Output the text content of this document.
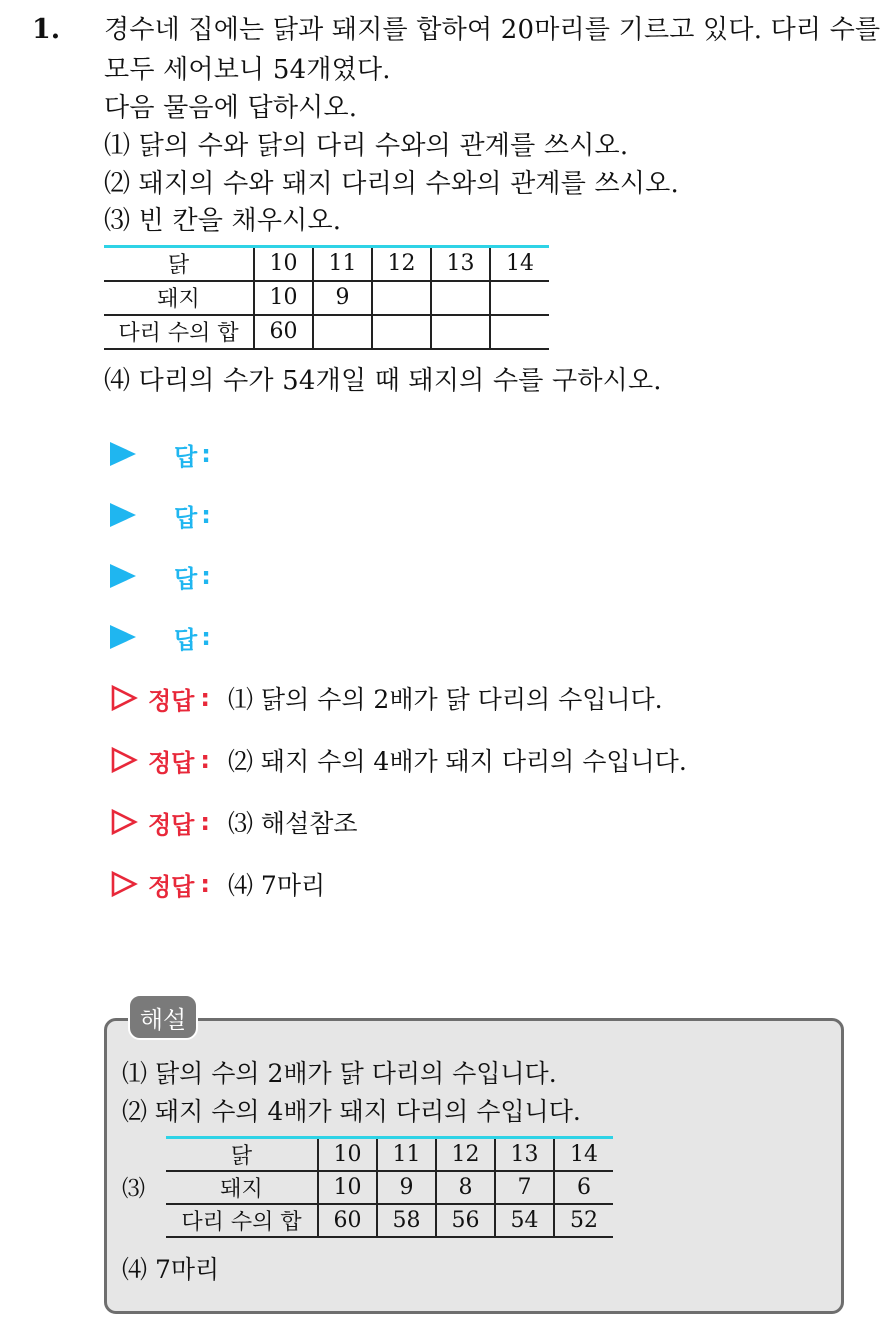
1. 경수네 집에는 닭과 돼지를 합하여 20마리를 기르고 있다. 다리 수를
모두 세어보니 54개였다.
다음 물음에 답하시오.
⑴ 닭의 수와 닭의 다리 수와의 관계를 쓰시오.
⑵ 돼지의 수와 돼지 다리의 수와의 관계를 쓰시오.
⑶ 빈 칸을 채우시오.
닭	10	11	12	13	14
돼지	10	9			
다리 수의 합	60				
⑷ 다리의 수가 54개일 때 돼지의 수를 구하시오.
답 :
답 :
답 :
답 :
정답 : ⑴ 닭의 수의 2배가 닭 다리의 수입니다.
정답 : ⑵ 돼지 수의 4배가 돼지 다리의 수입니다.
정답 : ⑶ 해설참조
정답 : ⑷ 7마리
해설
⑴ 닭의 수의 2배가 닭 다리의 수입니다.
⑵ 돼지 수의 4배가 돼지 다리의 수입니다.
⑶
닭	10	11	12	13	14
돼지	10	9	8	7	6
다리 수의 합	60	58	56	54	52
⑷ 7마리
